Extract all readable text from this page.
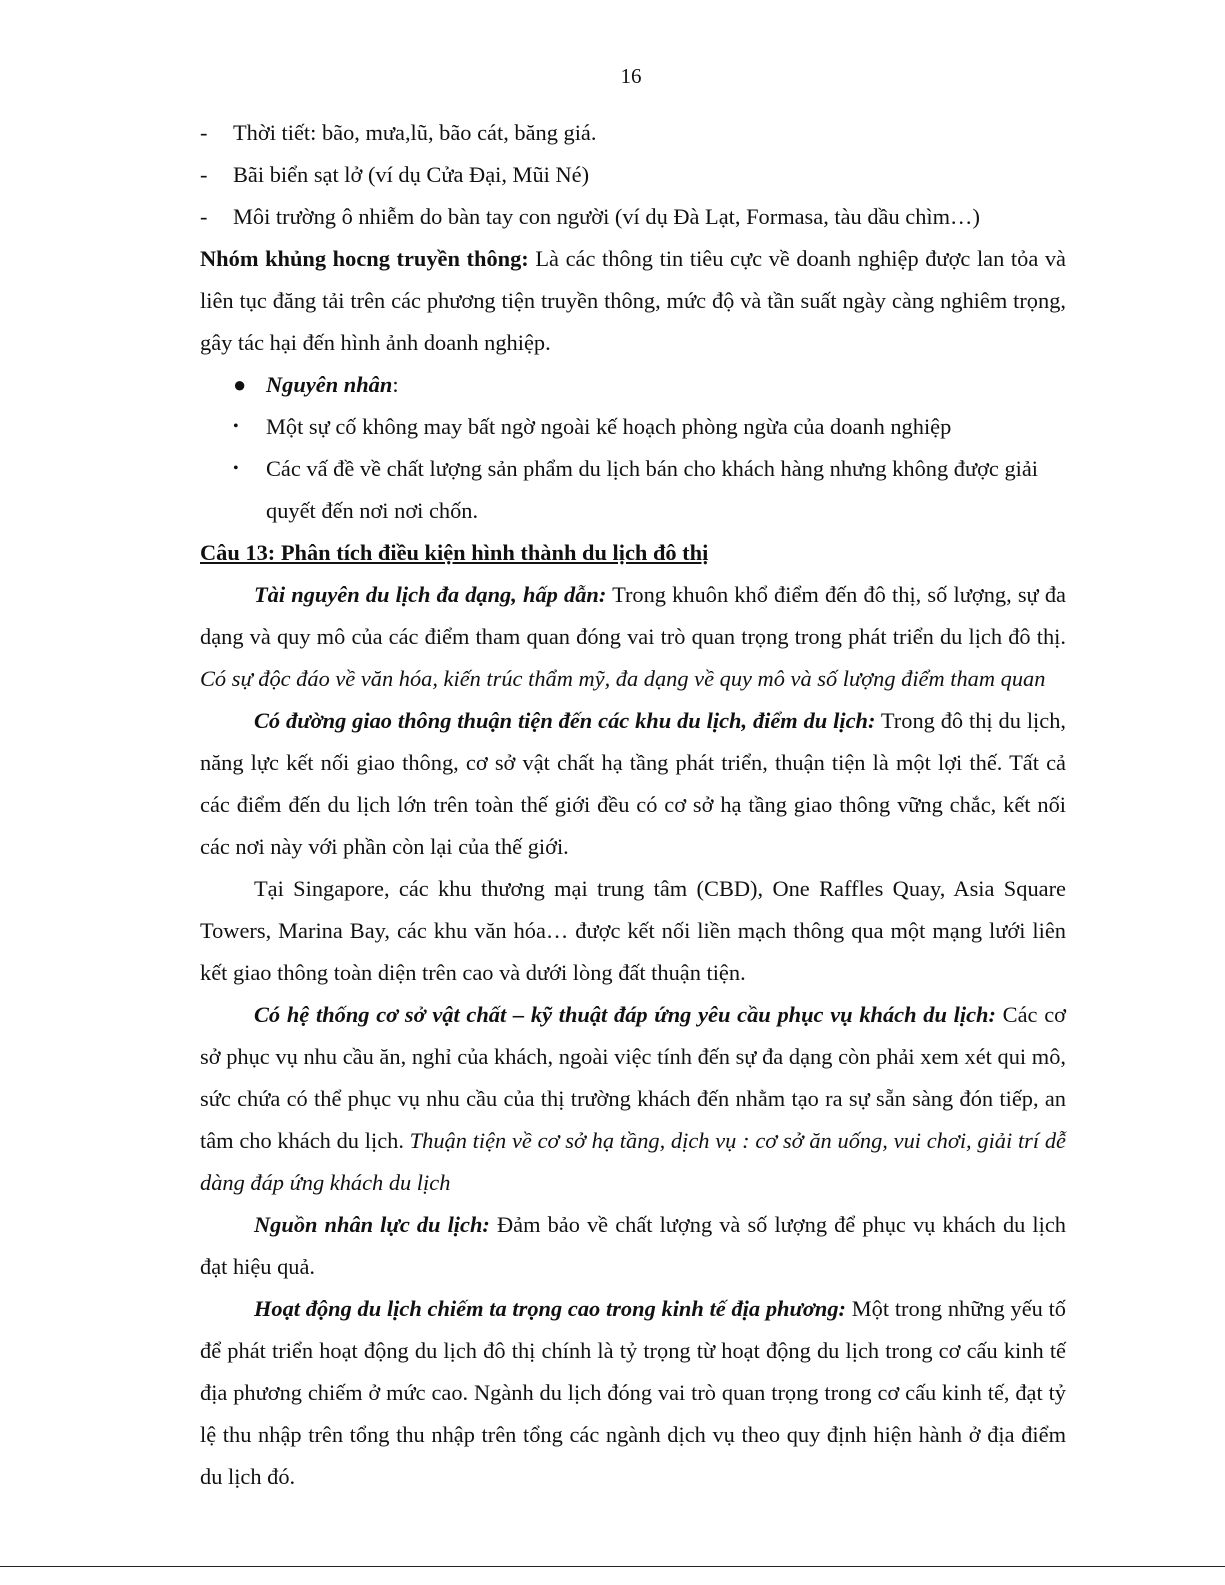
16
- Thời tiết: bão, mưa,lũ, bão cát, băng giá.
- Bãi biển sạt lở (ví dụ Cửa Đại, Mũi Né)
- Môi trường ô nhiễm do bàn tay con người (ví dụ Đà Lạt, Formasa, tàu dầu chìm…)

Nhóm khủng hocng truyền thông: Là các thông tin tiêu cực về doanh nghiệp được lan tỏa và liên tục đăng tải trên các phương tiện truyền thông, mức độ và tần suất ngày càng nghiêm trọng, gây tác hại đến hình ảnh doanh nghiệp.

● Nguyên nhân:
• Một sự cố không may bất ngờ ngoài kế hoạch phòng ngừa của doanh nghiệp
• Các vấ đề về chất lượng sản phẩm du lịch bán cho khách hàng nhưng không được giải quyết đến nơi nơi chốn.
Câu 13: Phân tích điều kiện hình thành du lịch đô thị

Tài nguyên du lịch đa dạng, hấp dẫn: Trong khuôn khổ điểm đến đô thị, số lượng, sự đa dạng và quy mô của các điểm tham quan đóng vai trò quan trọng trong phát triển du lịch đô thị. Có sự độc đáo về văn hóa, kiến trúc thẩm mỹ, đa dạng về quy mô và số lượng điểm tham quan

Có đường giao thông thuận tiện đến các khu du lịch, điểm du lịch: Trong đô thị du lịch, năng lực kết nối giao thông, cơ sở vật chất hạ tầng phát triển, thuận tiện là một lợi thế. Tất cả các điểm đến du lịch lớn trên toàn thế giới đều có cơ sở hạ tầng giao thông vững chắc, kết nối các nơi này với phần còn lại của thế giới.

Tại Singapore, các khu thương mại trung tâm (CBD), One Raffles Quay, Asia Square Towers, Marina Bay, các khu văn hóa… được kết nối liền mạch thông qua một mạng lưới liên kết giao thông toàn diện trên cao và dưới lòng đất thuận tiện.

Có hệ thống cơ sở vật chất – kỹ thuật đáp ứng yêu cầu phục vụ khách du lịch: Các cơ sở phục vụ nhu cầu ăn, nghỉ của khách, ngoài việc tính đến sự đa dạng còn phải xem xét qui mô, sức chứa có thể phục vụ nhu cầu của thị trường khách đến nhằm tạo ra sự sẵn sàng đón tiếp, an tâm cho khách du lịch. Thuận tiện về cơ sở hạ tầng, dịch vụ : cơ sở ăn uống, vui chơi, giải trí dễ dàng đáp ứng khách du lịch

Nguồn nhân lực du lịch: Đảm bảo về chất lượng và số lượng để phục vụ khách du lịch đạt hiệu quả.

Hoạt động du lịch chiếm ta trọng cao trong kinh tế địa phương: Một trong những yếu tố để phát triển hoạt động du lịch đô thị chính là tỷ trọng từ hoạt động du lịch trong cơ cấu kinh tế địa phương chiếm ở mức cao. Ngành du lịch đóng vai trò quan trọng trong cơ cấu kinh tế, đạt tỷ lệ thu nhập trên tổng thu nhập trên tổng các ngành dịch vụ theo quy định hiện hành ở địa điểm du lịch đó.
